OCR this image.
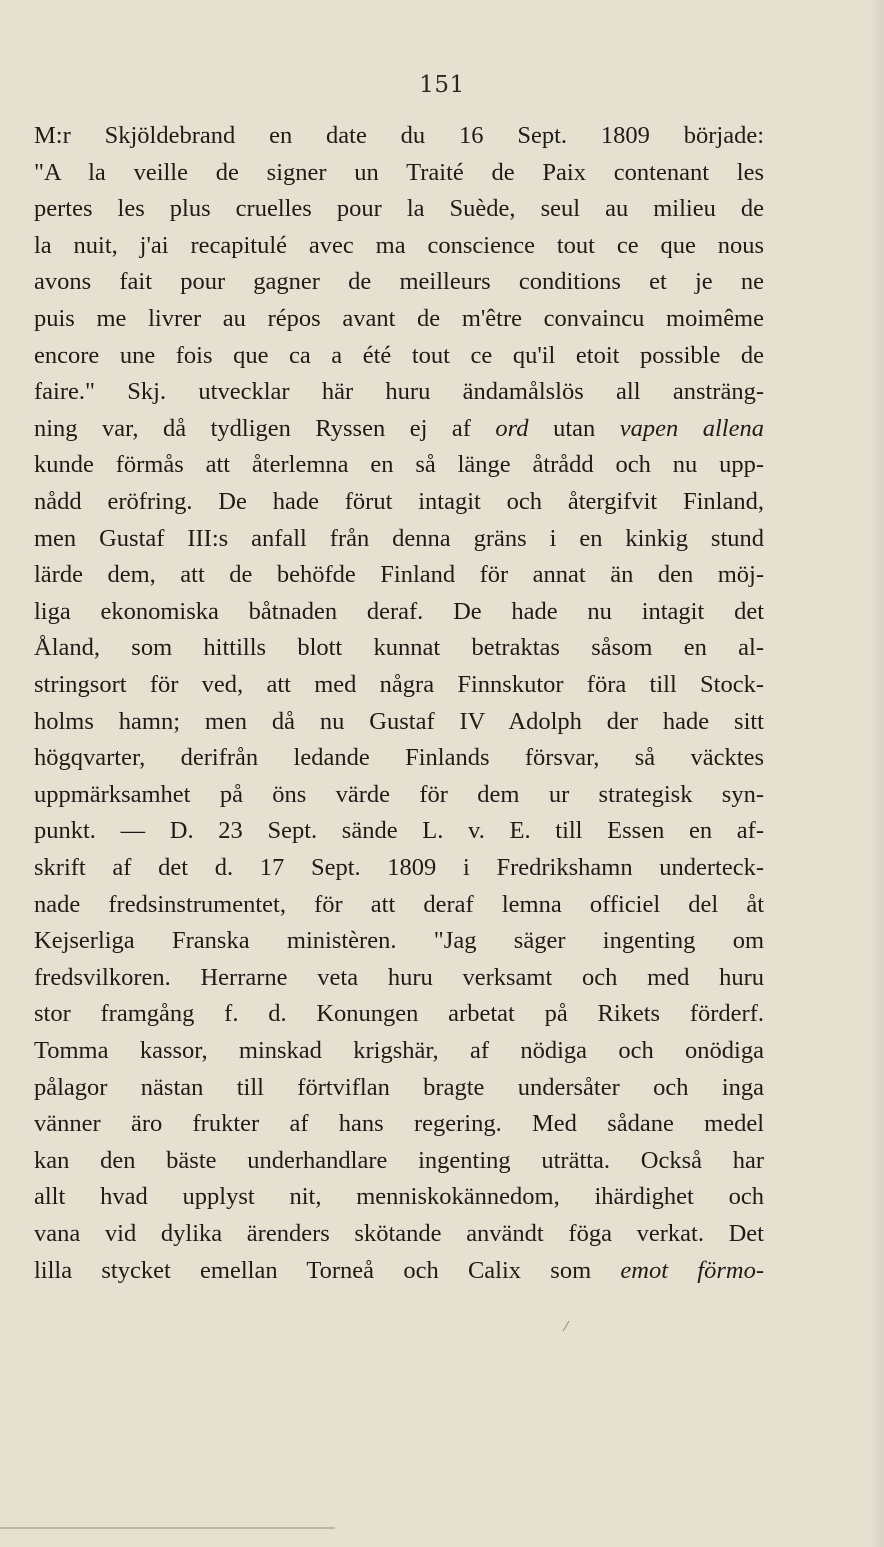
151
M:r Skjöldebrand en date du 16 Sept. 1809 började:
"A la veille de signer un Traité de Paix contenant les
pertes les plus cruelles pour la Suède, seul au milieu de
la nuit, j'ai recapitulé avec ma conscience tout ce que nous
avons fait pour gagner de meilleurs conditions et je ne
puis me livrer au répos avant de m'être convaincu moimême
encore une fois que ca a été tout ce qu'il etoit possible de
faire." Skj. utvecklar här huru ändamålslös all ansträng-
ning var, då tydligen Ryssen ej af ord utan vapen allena
kunde förmås att återlemna en så länge åtrådd och nu upp-
nådd eröfring. De hade förut intagit och återgifvit Finland,
men Gustaf III:s anfall från denna gräns i en kinkig stund
lärde dem, att de behöfde Finland för annat än den möj-
liga ekonomiska båtnaden deraf. De hade nu intagit det
Åland, som hittills blott kunnat betraktas såsom en al-
stringsort för ved, att med några Finnskutor föra till Stock-
holms hamn; men då nu Gustaf IV Adolph der hade sitt
högqvarter, derifrån ledande Finlands försvar, så väcktes
uppmärksamhet på öns värde för dem ur strategisk syn-
punkt. — D. 23 Sept. sände L. v. E. till Essen en af-
skrift af det d. 17 Sept. 1809 i Fredrikshamn underteck-
nade fredsinstrumentet, för att deraf lemna officiel del åt
Kejserliga Franska ministèren. "Jag säger ingenting om
fredsvilkoren. Herrarne veta huru verksamt och med huru
stor framgång f. d. Konungen arbetat på Rikets förderf.
Tomma kassor, minskad krigshär, af nödiga och onödiga
pålagor nästan till förtviflan bragte undersåter och inga
vänner äro frukter af hans regering. Med sådane medel
kan den bäste underhandlare ingenting uträtta. Också har
allt hvad upplyst nit, menniskokännedom, ihärdighet och
vana vid dylika ärenders skötande användt föga verkat. Det
lilla stycket emellan Torneå och Calix som emot förmo-
⁄
